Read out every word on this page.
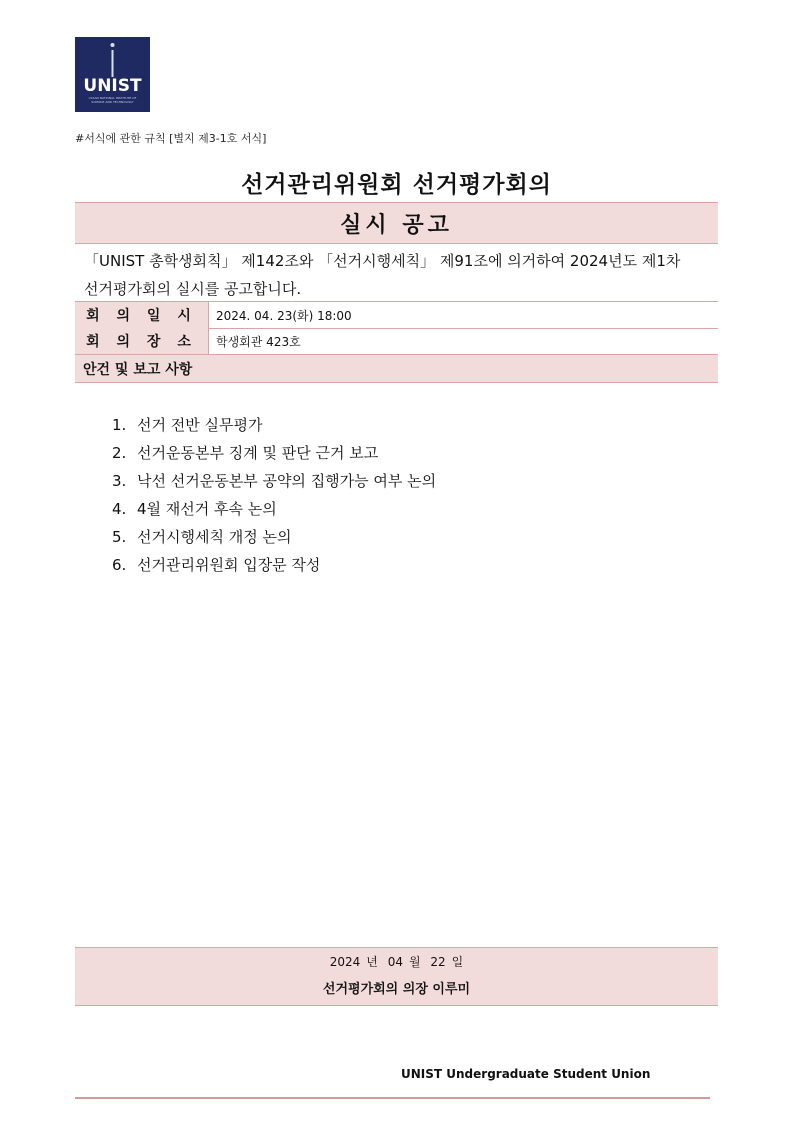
UNIST
ULSAN NATIONAL INSTITUTE OF
SCIENCE AND TECHNOLOGY
#서식에 관한 규칙 [별지 제3-1호 서식]
선거관리위원회 선거평가회의
실시 공고
「UNIST 총학생회칙」 제142조와 「선거시행세칙」 제91조에 의거하여 2024년도 제1차
선거평가회의 실시를 공고합니다.
회 의 일 시	2024. 04. 23(화) 18:00
회 의 장 소	학생회관 423호
안건 및 보고 사항
1. 선거 전반 실무평가
2. 선거운동본부 징계 및 판단 근거 보고
3. 낙선 선거운동본부 공약의 집행가능 여부 논의
4. 4월 재선거 후속 논의
5. 선거시행세칙 개정 논의
6. 선거관리위원회 입장문 작성
2024 년 04 월 22 일
선거평가회의 의장 이루미
UNIST Undergraduate Student Union
